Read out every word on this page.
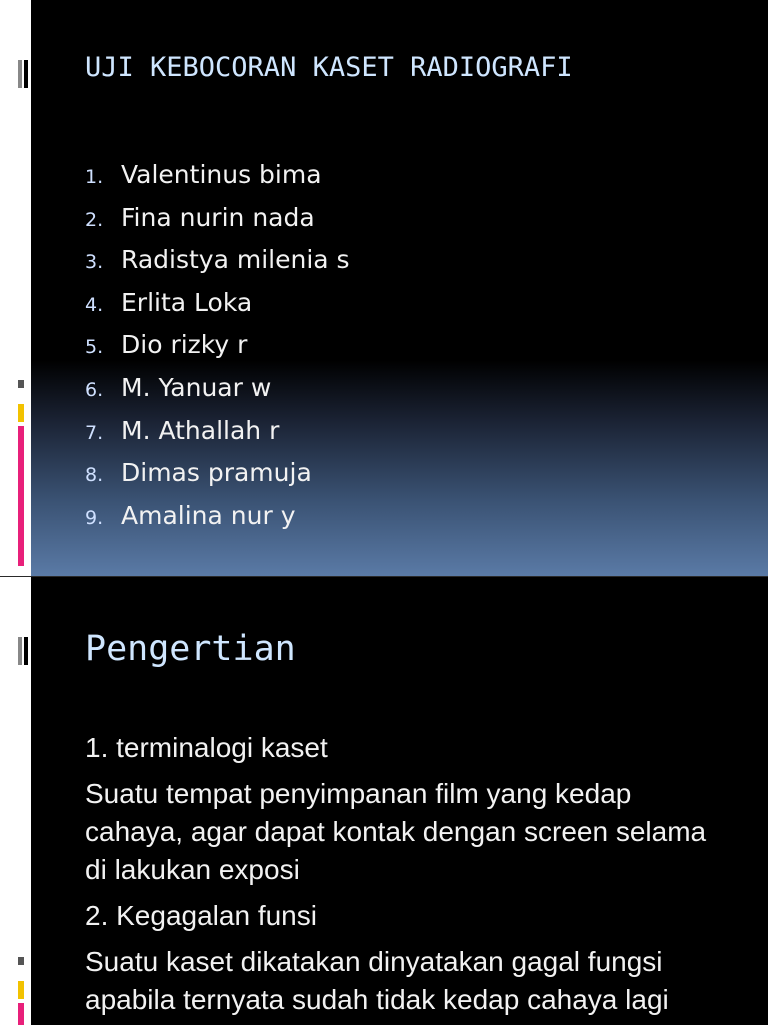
UJI KEBOCORAN KASET RADIOGRAFI
1. Valentinus bima
2. Fina nurin nada
3. Radistya milenia s
4. Erlita Loka
5. Dio rizky r
6. M. Yanuar w
7. M. Athallah r
8. Dimas pramuja
9. Amalina nur y
Pengertian

1. terminalogi kaset

Suatu tempat penyimpanan film yang kedap cahaya, agar dapat kontak dengan screen selama di lakukan exposi

2. Kegagalan funsi

Suatu kaset dikatakan dinyatakan gagal fungsi apabila ternyata sudah tidak kedap cahaya lagi
